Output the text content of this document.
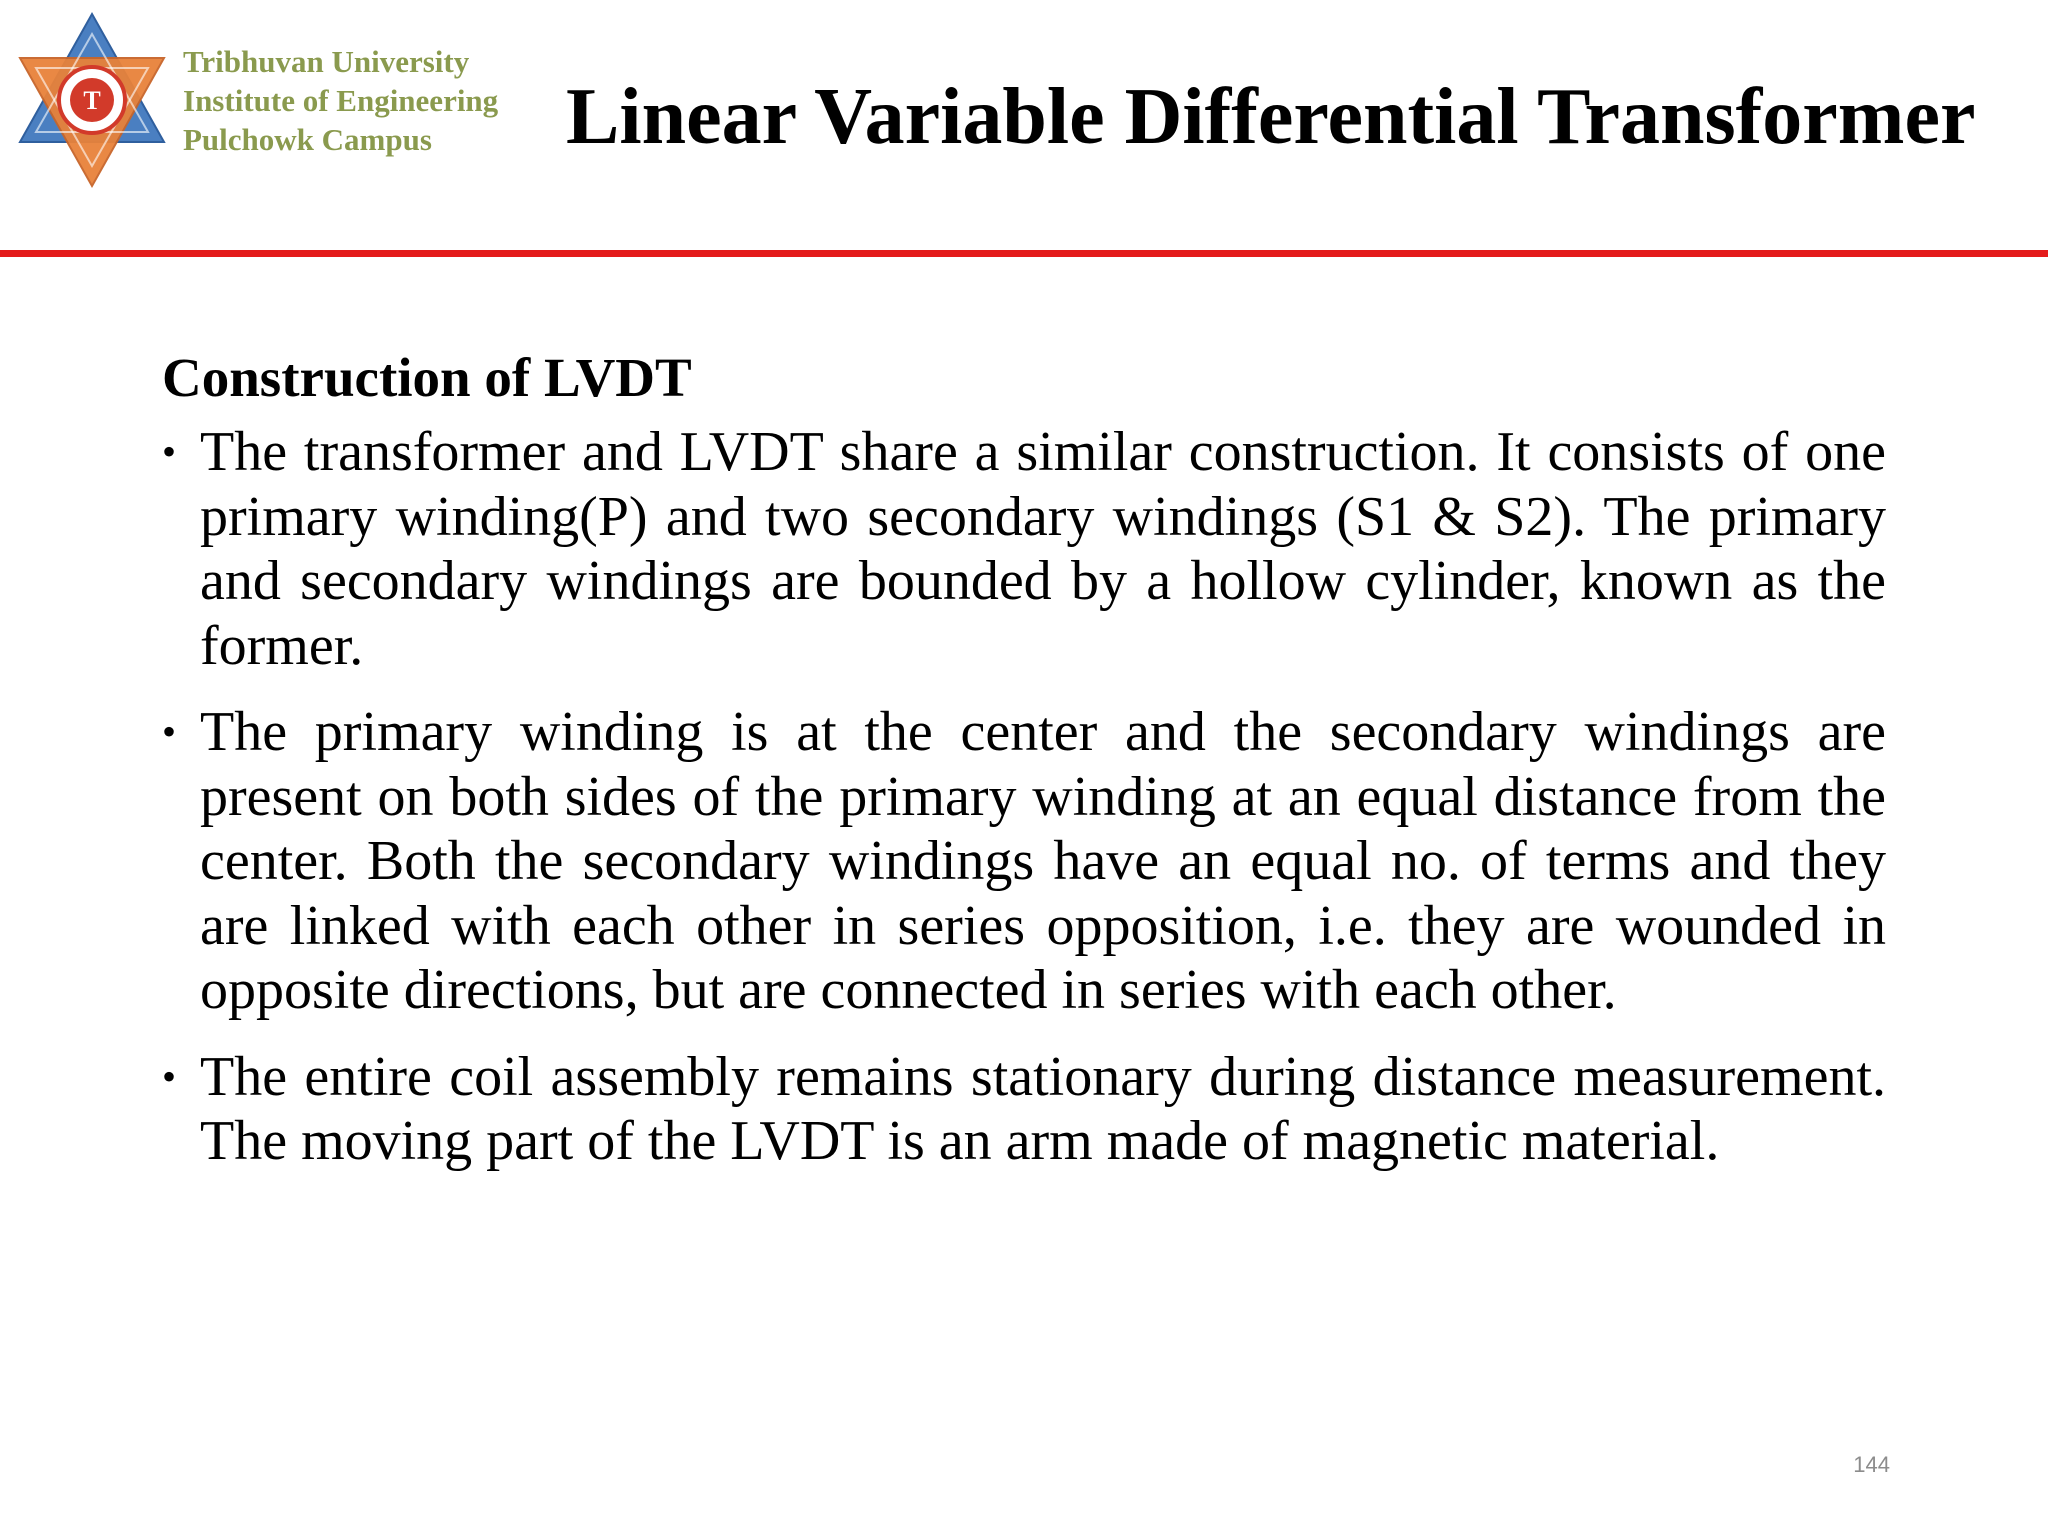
T
Tribhuvan University
Institute of Engineering
Pulchowk Campus	Linear Variable Differential Transformer
Construction of LVDT
• The transformer and LVDT share a similar construction. It consists of one primary winding(P) and two secondary windings (S1 & S2). The primary and secondary windings are bounded by a hollow cylinder, known as the former.
• The primary winding is at the center and the secondary windings are present on both sides of the primary winding at an equal distance from the center. Both the secondary windings have an equal no. of terms and they are linked with each other in series opposition, i.e. they are wounded in opposite directions, but are connected in series with each other.
• The entire coil assembly remains stationary during distance measurement. The moving part of the LVDT is an arm made of magnetic material.
144
